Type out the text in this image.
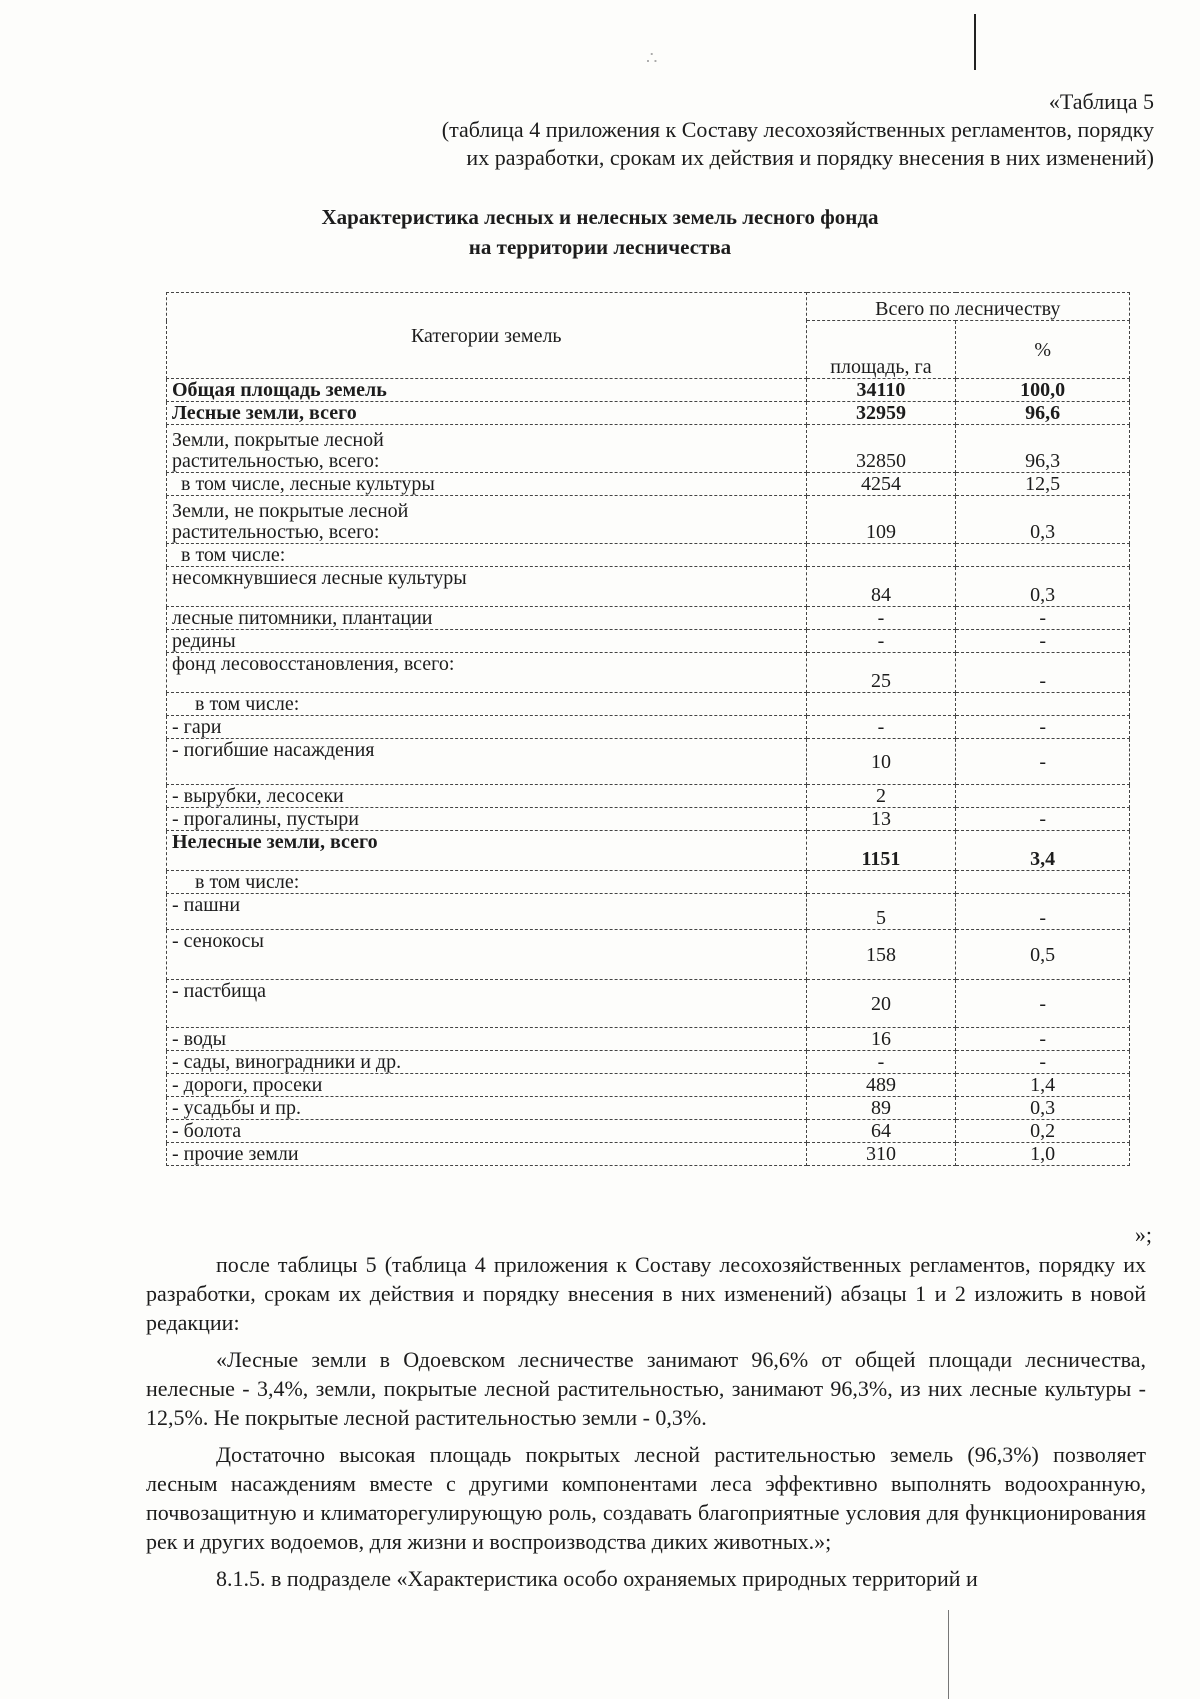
∴
«Таблица 5
(таблица 4 приложения к Составу лесохозяйственных регламентов, порядку
их разработки, срокам их действия и порядку внесения в них изменений)
Характеристика лесных и нелесных земель лесного фонда
на территории лесничества
Категории земель	Всего по лесничеству	
	площадь, га	%
Общая площадь земель	34110	100,0
Лесные земли, всего	32959	96,6
Земли, покрытые лесной растительностью, всего:	32850	96,3
в том числе, лесные культуры	4254	12,5
Земли, не покрытые лесной растительностью, всего:	109	0,3
в том числе:		
несомкнувшиеся лесные культуры	84	0,3
лесные питомники, плантации	-	-
редины	-	-
фонд лесовосстановления, всего:	25	-
в том числе:		
- гари	-	-
- погибшие насаждения	10	-
- вырубки, лесосеки	2	
- прогалины, пустыри	13	-
Нелесные земли, всего	1151	3,4
в том числе:		
- пашни	5	-
- сенокосы	158	0,5
- пастбища	20	-
- воды	16	-
- сады, виноградники и др.	-	-
- дороги, просеки	489	1,4
- усадьбы и пр.	89	0,3
- болота	64	0,2
- прочие земли	310	1,0
»;

после таблицы 5 (таблица 4 приложения к Составу лесохозяйственных регламентов, порядку их разработки, срокам их действия и порядку внесения в них изменений) абзацы 1 и 2 изложить в новой редакции:

«Лесные земли в Одоевском лесничестве занимают 96,6% от общей площади лесничества, нелесные - 3,4%, земли, покрытые лесной растительностью, занимают 96,3%, из них лесные культуры - 12,5%. Не покрытые лесной растительностью земли - 0,3%.

Достаточно высокая площадь покрытых лесной растительностью земель (96,3%) позволяет лесным насаждениям вместе с другими компонентами леса эффективно выполнять водоохранную, почвозащитную и климаторегулирующую роль, создавать благоприятные условия для функционирования рек и других водоемов, для жизни и воспроизводства диких животных.»;

8.1.5. в подразделе «Характеристика особо охраняемых природных территорий и
